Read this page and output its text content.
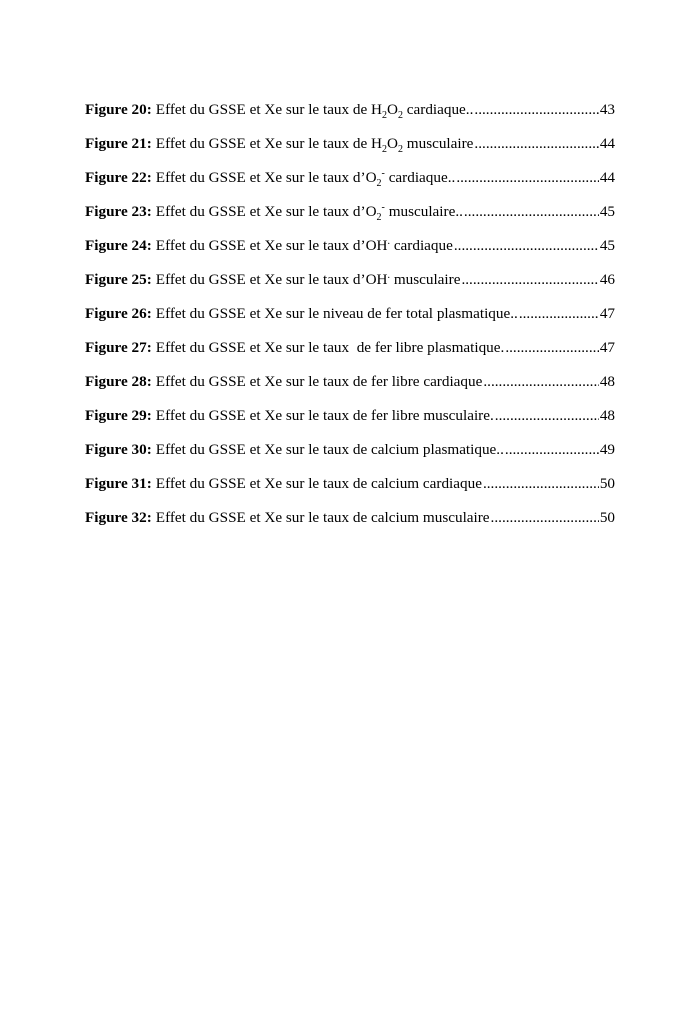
Figure 20: Effet du GSSE et Xe sur le taux de $H_2O_2$ cardiaque.. .....	43
Figure 21: Effet du GSSE et Xe sur le taux de $H_2O_2$ musculaire .....	44
Figure 22: Effet du GSSE et Xe sur le taux $d’O_2^-$ cardiaque.. .....	44
Figure 23: Effet du GSSE et Xe sur le taux $d’O_2^-$ musculaire.. .....	45
Figure 24: Effet du GSSE et Xe sur le taux d’OH. cardiaque .....	45
Figure 25: Effet du GSSE et Xe sur le taux d’OH. musculaire .....	46
Figure 26: Effet du GSSE et Xe sur le niveau de fer total plasmatique.. .....	47
Figure 27: Effet du GSSE et Xe sur le taux  de fer libre plasmatique. .....	47
Figure 28: Effet du GSSE et Xe sur le taux de fer libre cardiaque .....	48
Figure 29: Effet du GSSE et Xe sur le taux de fer libre musculaire. .....	48
Figure 30: Effet du GSSE et Xe sur le taux de calcium plasmatique.. .....	49
Figure 31: Effet du GSSE et Xe sur le taux de calcium cardiaque .....	50
Figure 32: Effet du GSSE et Xe sur le taux de calcium musculaire .....	50
